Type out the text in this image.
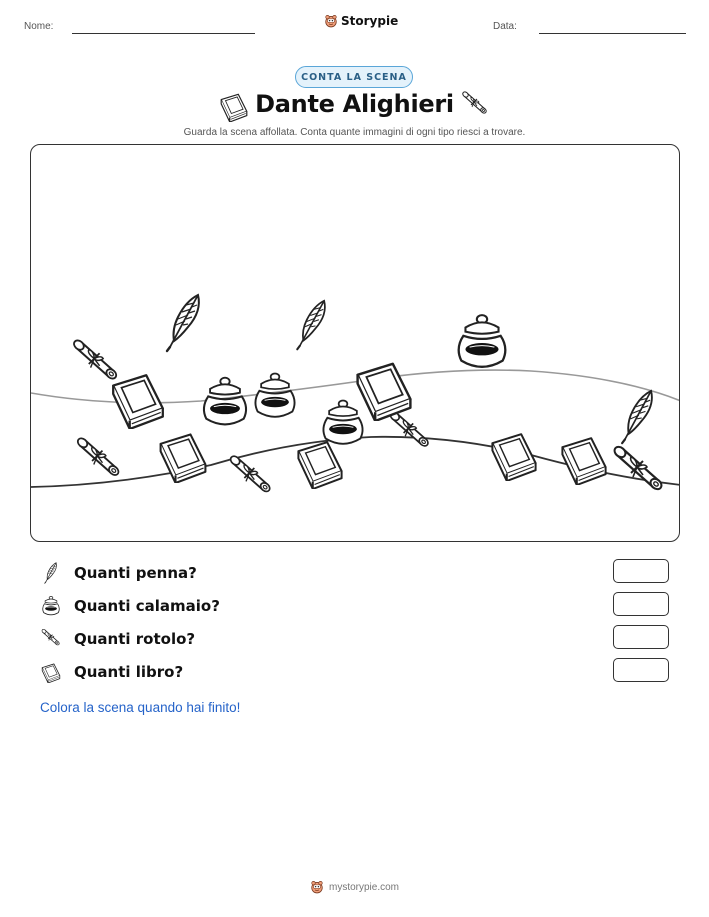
Nome:	Storypie	Data:
CONTA LA SCENA
Dante Alighieri
Guarda la scena affollata. Conta quante immagini di ogni tipo riesci a trovare.
Quanti penna?
Quanti calamaio?
Quanti rotolo?
Quanti libro?
Colora la scena quando hai finito!
mystorypie.com
